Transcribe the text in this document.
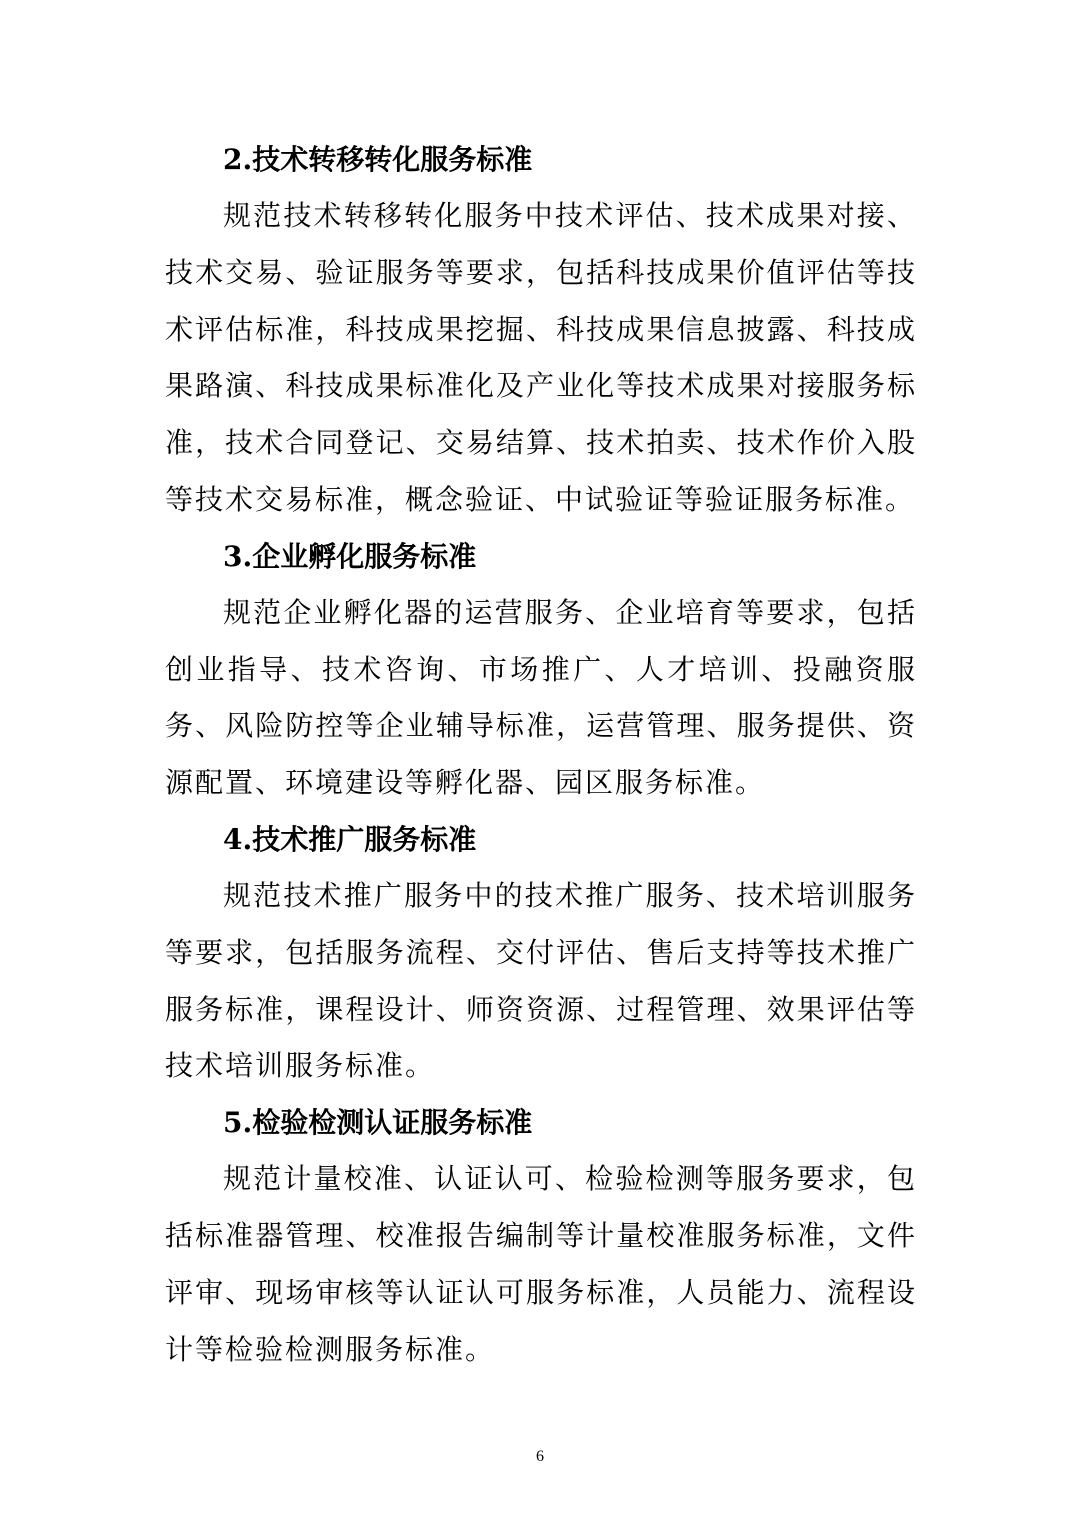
2.技术转移转化服务标准

规范技术转移转化服务中技术评估、技术成果对接、技术交易、验证服务等要求，包括科技成果价值评估等技术评估标准，科技成果挖掘、科技成果信息披露、科技成果路演、科技成果标准化及产业化等技术成果对接服务标准，技术合同登记、交易结算、技术拍卖、技术作价入股等技术交易标准，概念验证、中试验证等验证服务标准。

3.企业孵化服务标准

规范企业孵化器的运营服务、企业培育等要求，包括创业指导、技术咨询、市场推广、人才培训、投融资服务、风险防控等企业辅导标准，运营管理、服务提供、资源配置、环境建设等孵化器、园区服务标准。

4.技术推广服务标准

规范技术推广服务中的技术推广服务、技术培训服务等要求，包括服务流程、交付评估、售后支持等技术推广服务标准，课程设计、师资资源、过程管理、效果评估等技术培训服务标准。

5.检验检测认证服务标准

规范计量校准、认证认可、检验检测等服务要求，包括标准器管理、校准报告编制等计量校准服务标准，文件评审、现场审核等认证认可服务标准，人员能力、流程设计等检验检测服务标准。

6
